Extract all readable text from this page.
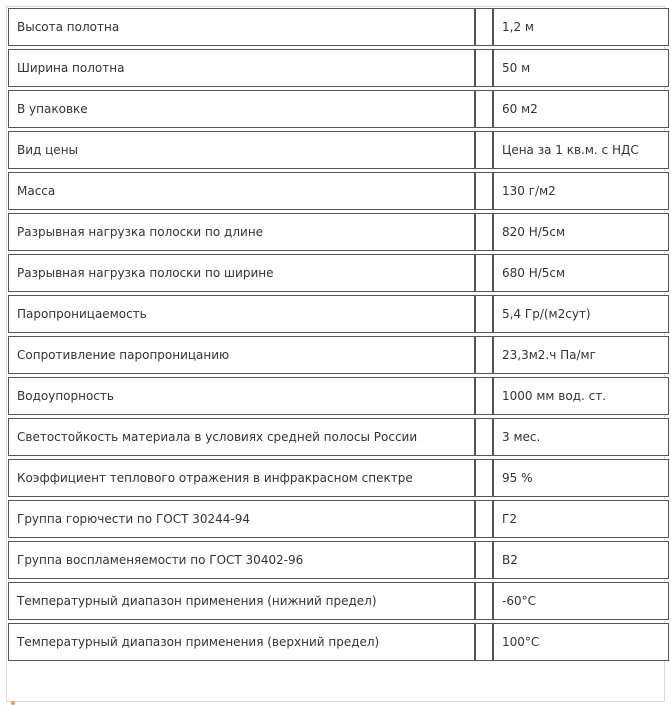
Высота полотна		1,2 м
Ширина полотна		50 м
В упаковке		60 м2
Вид цены		Цена за 1 кв.м. с НДС
Масса		130 г/м2
Разрывная нагрузка полоски по длине		820 Н/5см
Разрывная нагрузка полоски по ширине		680 Н/5см
Паропроницаемость		5,4 Гр/(м2сут)
Сопротивление паропроницанию		23,3м2.ч Па/мг
Водоупорность		1000 мм вод. ст.
Светостойкость материала в условиях средней полосы России		3 мес.
Коэффициент теплового отражения в инфракрасном спектре		95 %
Группа горючести по ГОСТ 30244-94		Г2
Группа воспламеняемости по ГОСТ 30402-96		В2
Температурный диапазон применения (нижний предел)		-60°С
Температурный диапазон применения (верхний предел)		100°С
